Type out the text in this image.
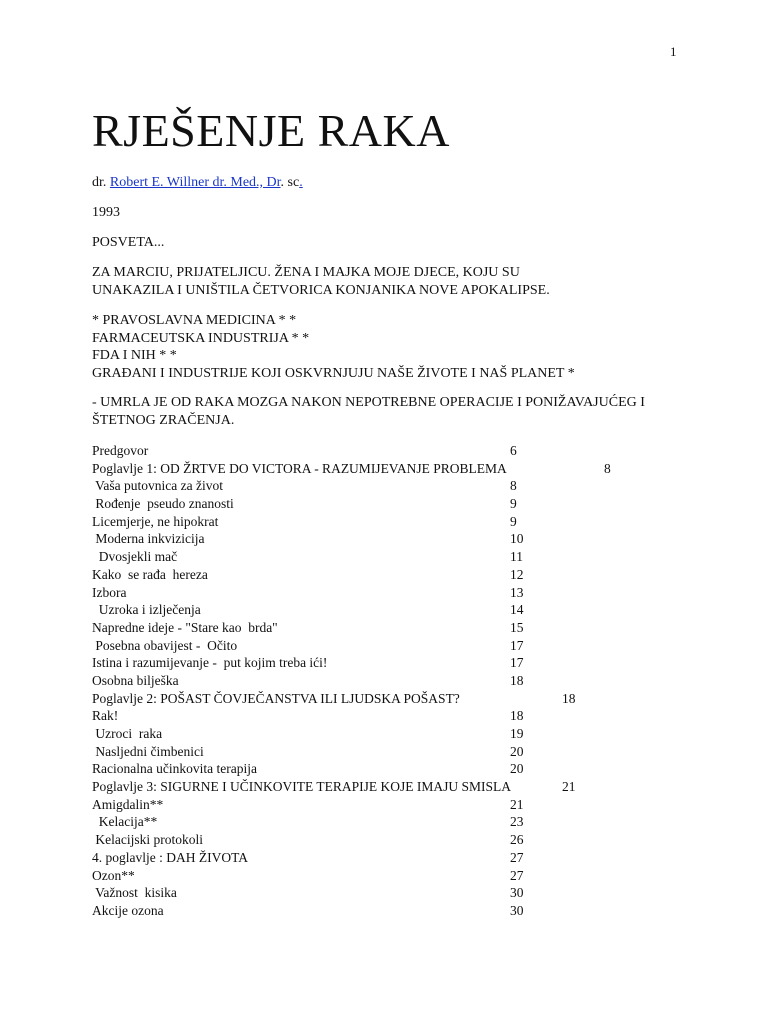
1
RJEŠENJE RAKA
dr. Robert E. Willner dr. Med., Dr. sc.
1993
POSVETA...
ZA MARCIU, PRIJATELJICU. ŽENA I MAJKA MOJE DJECE, KOJU SU
UNAKAZILA I UNIŠTILA ČETVORICA KONJANIKA NOVE APOKALIPSE.
* PRAVOSLAVNA MEDICINA * *
FARMACEUTSKA INDUSTRIJA * *
FDA I NIH * *
GRAĐANI I INDUSTRIJE KOJI OSKVRNJUJU NAŠE ŽIVOTE I NAŠ PLANET *
- UMRLA JE OD RAKA MOZGA NAKON NEPOTREBNE OPERACIJE I PONIŽAVAJUĆEG I
ŠTETNOG ZRAČENJA.
Predgovor	6
Poglavlje 1: OD ŽRTVE DO VICTORA - RAZUMIJEVANJE PROBLEMA	8
Vaša putovnica za život	8
Rođenje  pseudo znanosti	9
Licemjerje, ne hipokrat	9
Moderna inkvizicija	10
Dvosjekli mač	11
Kako  se rađa  hereza	12
Izbora	13
Uzroka i izlječenja	14
Napredne ideje - "Stare kao  brda"	15
Posebna obavijest -  Očito	17
Istina i razumijevanje -  put kojim treba ići!	17
Osobna bilješka	18
Poglavlje 2: POŠAST ČOVJEČANSTVA ILI LJUDSKA POŠAST?	18
Rak!	18
Uzroci  raka	19
Nasljedni čimbenici	20
Racionalna učinkovita terapija	20
Poglavlje 3: SIGURNE I UČINKOVITE TERAPIJE KOJE IMAJU SMISLA	21
Amigdalin**	21
Kelacija**	23
Kelacijski protokoli	26
4. poglavlje : DAH ŽIVOTA	27
Ozon**	27
Važnost  kisika	30
Akcije ozona	30
